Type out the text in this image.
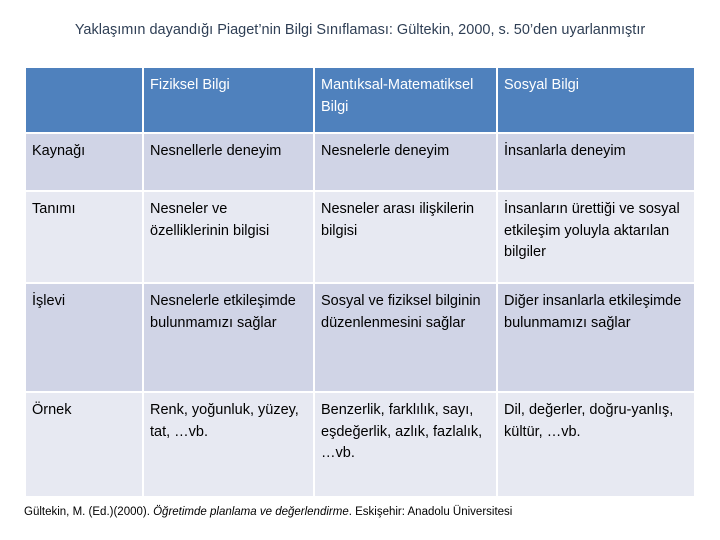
Yaklaşımın dayandığı Piaget’nin Bilgi Sınıflaması: Gültekin, 2000, s. 50’den uyarlanmıştır
	Fiziksel Bilgi	Mantıksal-Matematiksel Bilgi	Sosyal Bilgi
Kaynağı	Nesnellerle deneyim	Nesnelerle deneyim	İnsanlarla deneyim
Tanımı	Nesneler ve özelliklerinin bilgisi	Nesneler arası ilişkilerin bilgisi	İnsanların ürettiği ve sosyal etkileşim yoluyla aktarılan bilgiler
İşlevi	Nesnelerle etkileşimde bulunmamızı sağlar	Sosyal ve fiziksel bilginin düzenlenmesini sağlar	Diğer insanlarla etkileşimde bulunmamızı sağlar
Örnek	Renk, yoğunluk, yüzey, tat, …vb.	Benzerlik, farklılık, sayı, eşdeğerlik, azlık, fazlalık, …vb.	Dil, değerler, doğru-yanlış, kültür, …vb.
Gültekin, M. (Ed.)(2000). Öğretimde planlama ve değerlendirme. Eskişehir: Anadolu Üniversitesi
